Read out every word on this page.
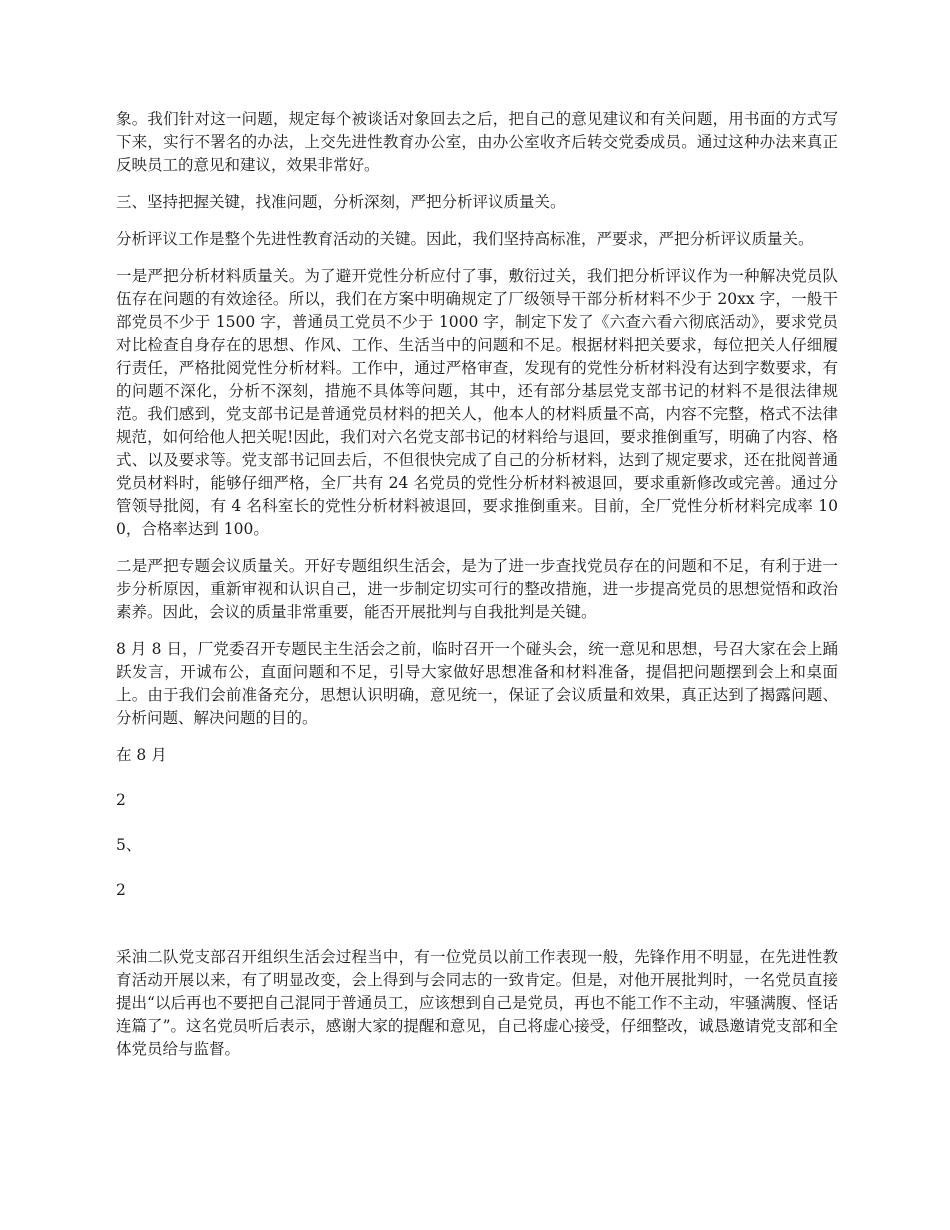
象。我们针对这一问题，规定每个被谈话对象回去之后，把自己的意见建议和有关问题，用书面的方式写下来，实行不署名的办法，上交先进性教育办公室，由办公室收齐后转交党委成员。通过这种办法来真正反映员工的意见和建议，效果非常好。

三、坚持把握关键，找准问题，分析深刻，严把分析评议质量关。

分析评议工作是整个先进性教育活动的关键。因此，我们坚持高标准，严要求，严把分析评议质量关。

一是严把分析材料质量关。为了避开党性分析应付了事，敷衍过关，我们把分析评议作为一种解决党员队伍存在问题的有效途径。所以，我们在方案中明确规定了厂级领导干部分析材料不少于 20xx 字，一般干部党员不少于 1500 字，普通员工党员不少于 1000 字，制定下发了《六查六看六彻底活动》，要求党员对比检查自身存在的思想、作风、工作、生活当中的问题和不足。根据材料把关要求，每位把关人仔细履行责任，严格批阅党性分析材料。工作中，通过严格审查，发现有的党性分析材料没有达到字数要求，有的问题不深化，分析不深刻，措施不具体等问题，其中，还有部分基层党支部书记的材料不是很法律规范。我们感到，党支部书记是普通党员材料的把关人，他本人的材料质量不高，内容不完整，格式不法律规范，如何给他人把关呢!因此，我们对六名党支部书记的材料给与退回，要求推倒重写，明确了内容、格式、以及要求等。党支部书记回去后，不但很快完成了自己的分析材料，达到了规定要求，还在批阅普通党员材料时，能够仔细严格，全厂共有 24 名党员的党性分析材料被退回，要求重新修改或完善。通过分管领导批阅，有 4 名科室长的党性分析材料被退回，要求推倒重来。目前，全厂党性分析材料完成率 100，合格率达到 100。

二是严把专题会议质量关。开好专题组织生活会，是为了进一步查找党员存在的问题和不足，有利于进一步分析原因，重新审视和认识自己，进一步制定切实可行的整改措施，进一步提高党员的思想觉悟和政治素养。因此，会议的质量非常重要，能否开展批判与自我批判是关键。

8 月 8 日，厂党委召开专题民主生活会之前，临时召开一个碰头会，统一意见和思想，号召大家在会上踊跃发言，开诚布公，直面问题和不足，引导大家做好思想准备和材料准备，提倡把问题摆到会上和桌面上。由于我们会前准备充分，思想认识明确，意见统一，保证了会议质量和效果，真正达到了揭露问题、分析问题、解决问题的目的。

在 8 月

2

5、

2

采油二队党支部召开组织生活会过程当中，有一位党员以前工作表现一般，先锋作用不明显，在先进性教育活动开展以来，有了明显改变，会上得到与会同志的一致肯定。但是，对他开展批判时，一名党员直接提出“以后再也不要把自己混同于普通员工，应该想到自己是党员，再也不能工作不主动，牢骚满腹、怪话连篇了”。这名党员听后表示，感谢大家的提醒和意见，自己将虚心接受，仔细整改，诚恳邀请党支部和全体党员给与监督。
